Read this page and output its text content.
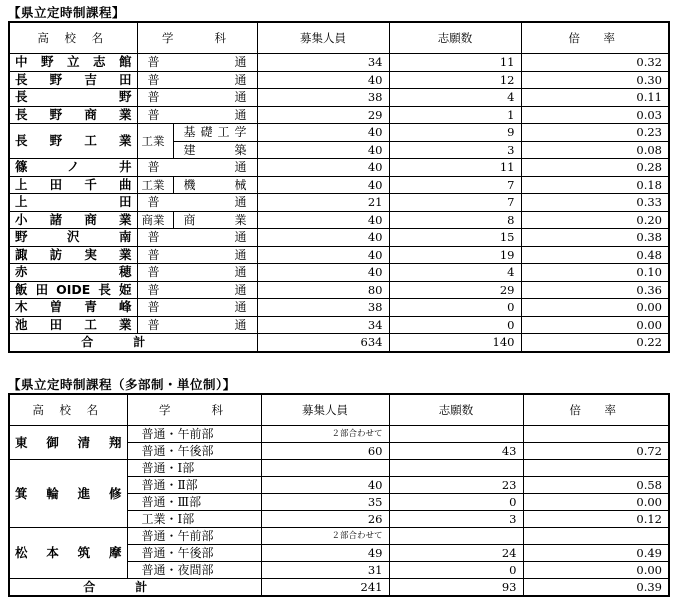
【県立定時制課程】
高 校 名	学　　科		募集人員	志願数	倍　率
中野立志館	普　通		34	11	0.32
長野吉田	普　通		40	12	0.30
長　　野	普　通		38	4	0.11
長野商業	普　通		29	1	0.03
長野工業	工業	基礎工学	40	9	0.23
		建　築	40	3	0.08
篠ノ井	普　通		40	11	0.28
上田千曲	工業	機　械	40	7	0.18
上　　田	普　通		21	7	0.33
小諸商業	商業	商　業	40	8	0.20
野沢南	普　通		40	15	0.38
諏訪実業	普　通		40	19	0.48
赤　　穂	普　通		40	4	0.10
飯田OIDE長姫	普　通		80	29	0.36
木曽青峰	普　通		38	0	0.00
池田工業	普　通		34	0	0.00
合計			634	140	0.22
【県立定時制課程（多部制・単位制）】
高 校 名	学　　科	募集人員	志願数	倍　率
東御清翔	普通・午前部	２部合わせて		
	普通・午後部	60	43	0.72
箕輪進修	普通・Ⅰ部			
	普通・Ⅱ部	40	23	0.58
	普通・Ⅲ部	35	0	0.00
	工業・Ⅰ部	26	3	0.12
松本筑摩	普通・午前部	２部合わせて		
	普通・午後部	49	24	0.49
	普通・夜間部	31	0	0.00
合計		241	93	0.39
